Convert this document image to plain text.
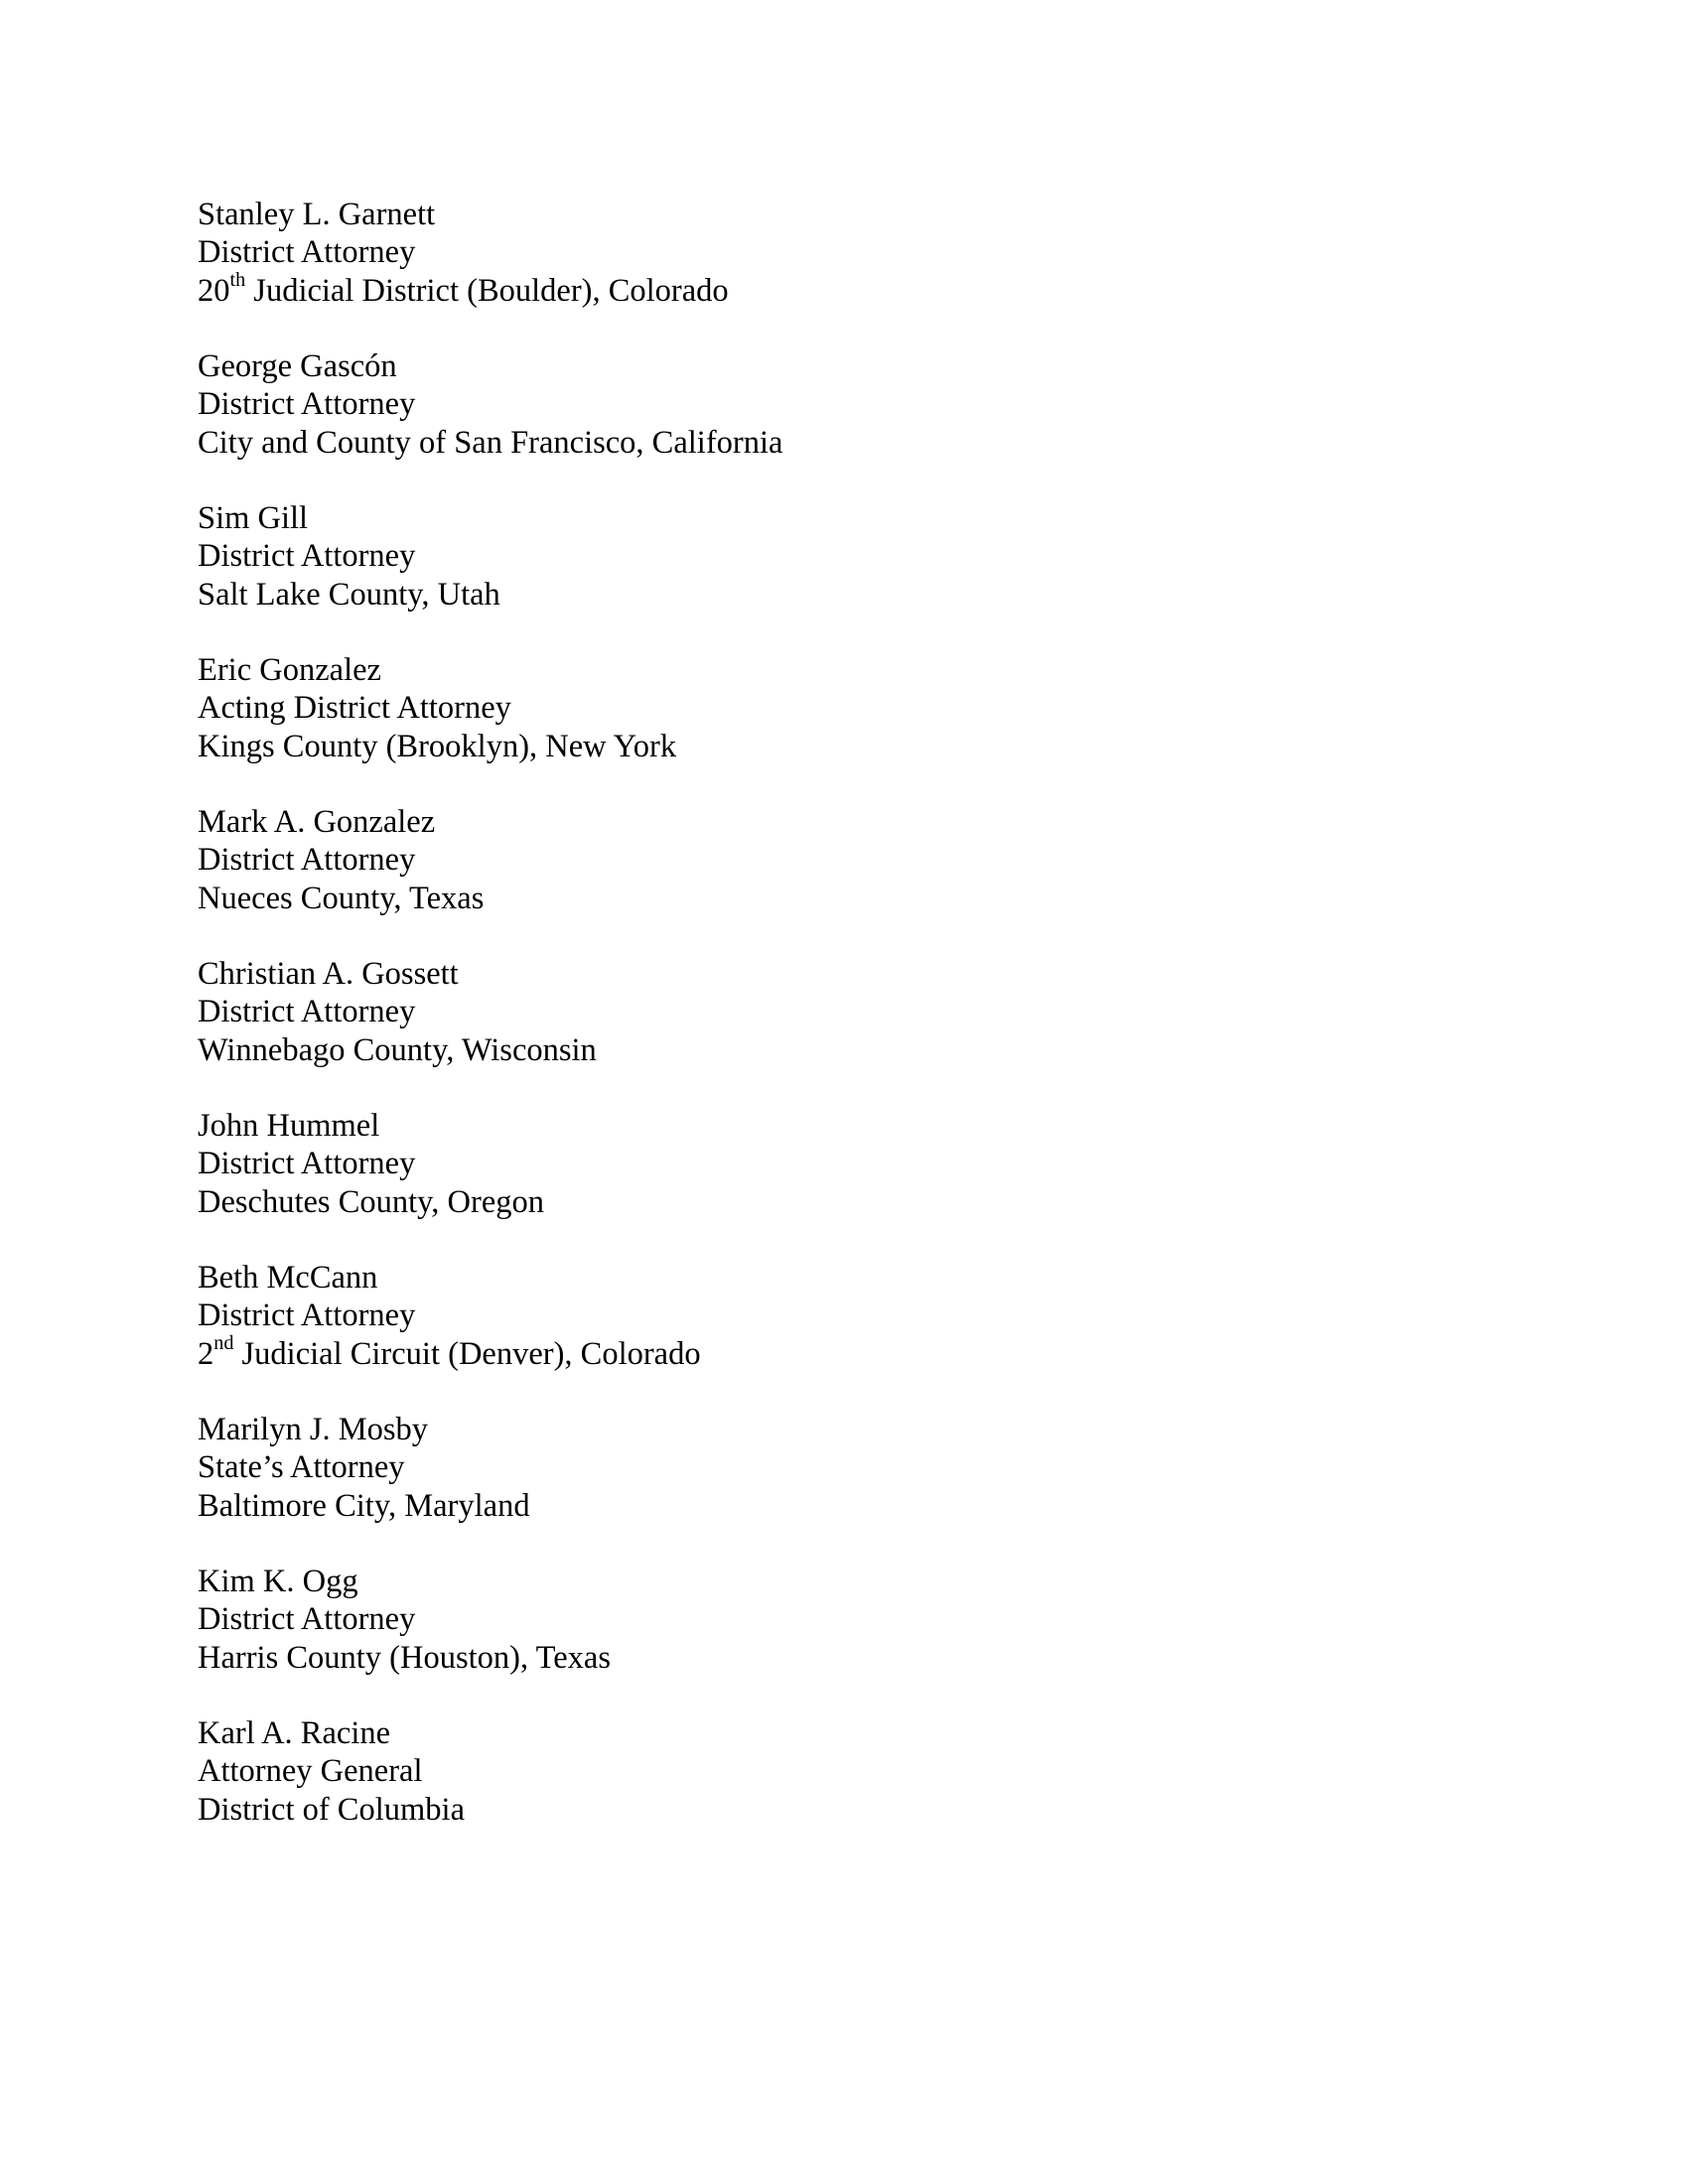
Stanley L. Garnett
District Attorney
20th Judicial District (Boulder), Colorado
George Gascón
District Attorney
City and County of San Francisco, California
Sim Gill
District Attorney
Salt Lake County, Utah
Eric Gonzalez
Acting District Attorney
Kings County (Brooklyn), New York
Mark A. Gonzalez
District Attorney
Nueces County, Texas
Christian A. Gossett
District Attorney
Winnebago County, Wisconsin
John Hummel
District Attorney
Deschutes County, Oregon
Beth McCann
District Attorney
2nd Judicial Circuit (Denver), Colorado
Marilyn J. Mosby
State’s Attorney
Baltimore City, Maryland
Kim K. Ogg
District Attorney
Harris County (Houston), Texas
Karl A. Racine
Attorney General
District of Columbia
